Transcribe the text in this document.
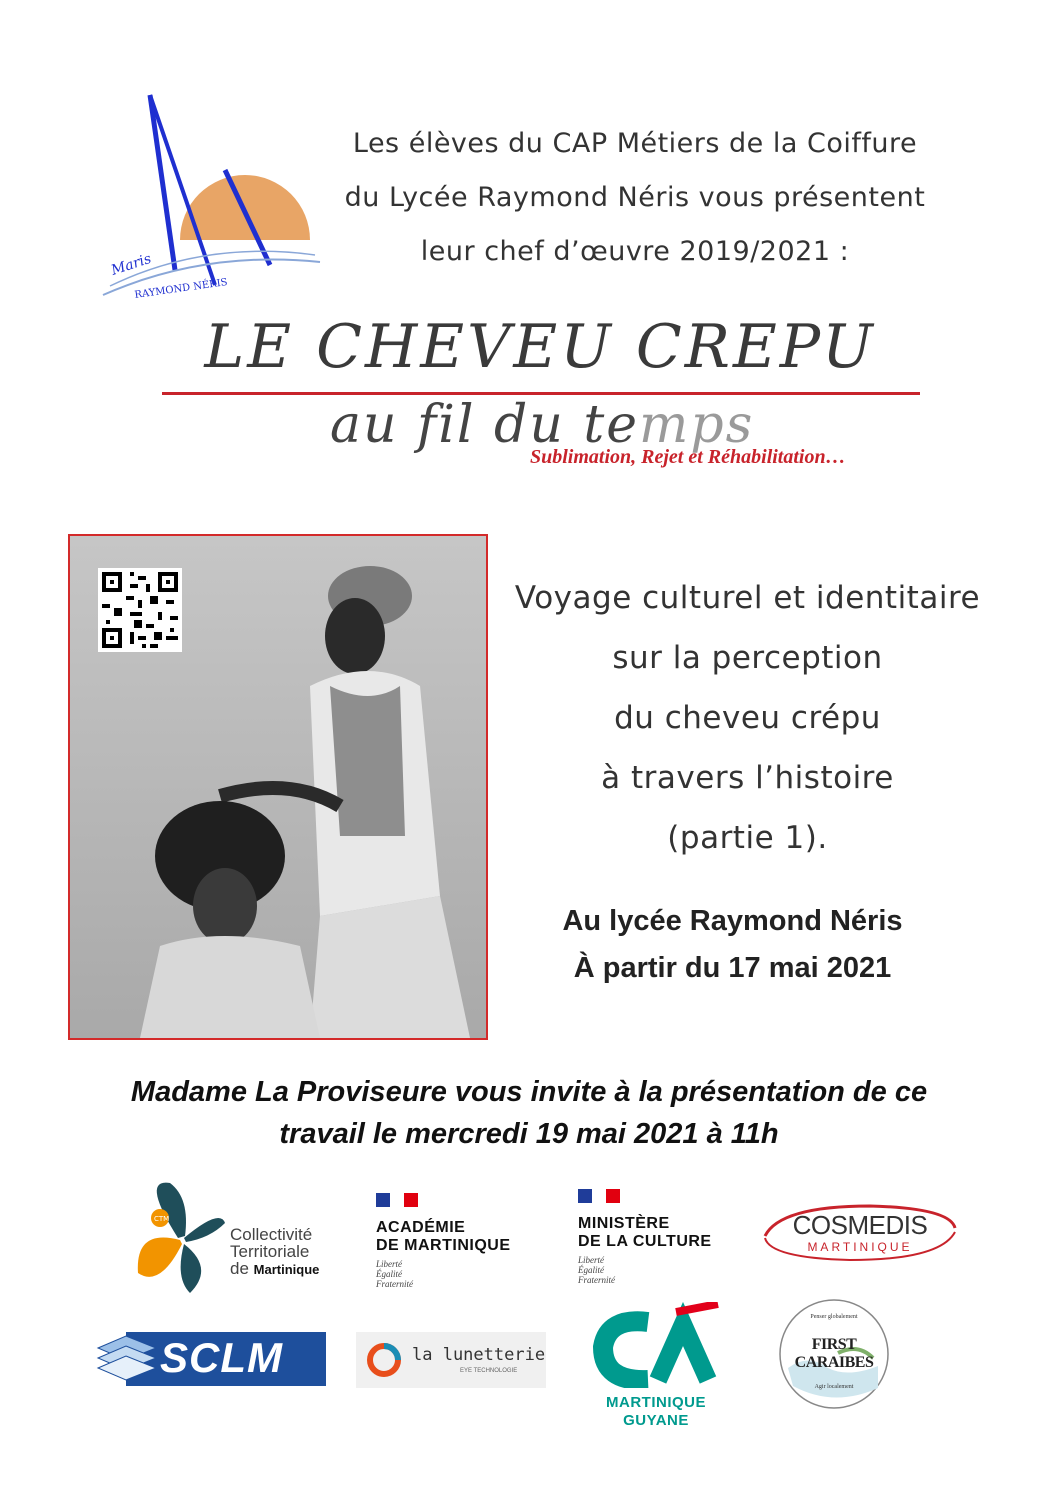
Maris
RAYMOND NÉRIS
Les élèves du CAP Métiers de la Coiffure
du Lycée Raymond Néris vous présentent
leur chef d’œuvre 2019/2021 :
LE CHEVEU CREPU
au fil du temps
Sublimation, Rejet et Réhabilitation…
Voyage culturel et identitaire
sur la perception
du cheveu crépu
à travers l’histoire
(partie 1).
Au lycée Raymond Néris
À partir du 17 mai 2021
Madame La Proviseure vous invite à la présentation de ce
travail le mercredi 19 mai 2021 à 11h
CTM
Collectivité
Territoriale
de Martinique
ACADÉMIE
DE MARTINIQUE
Liberté
Égalité
Fraternité
MINISTÈRE
DE LA CULTURE
Liberté
Égalité
Fraternité
COSMEDIS
MARTINIQUE
SCLM	la lunetterie
EYE TECHNOLOGIE
MARTINIQUE
GUYANE
Penser globalement
FIRST CARAIBES
Agir localement
